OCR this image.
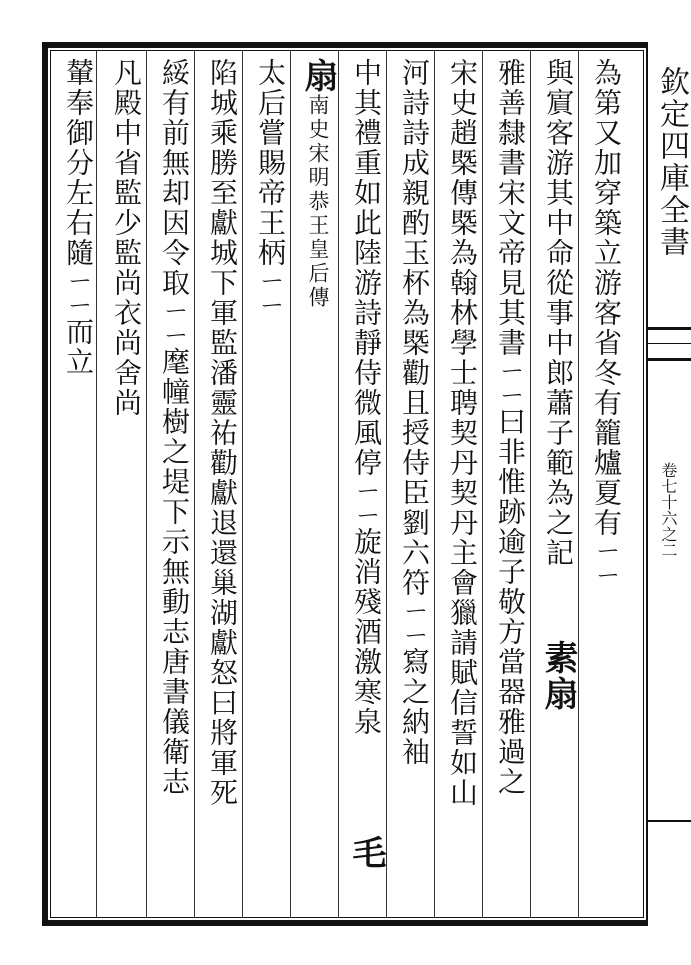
欽定四庫全書
卷七十六之二
為第又加穿築立游客省冬有籠爐夏有ㄧㄧ
與賔客游其中命從事中郎蕭子範為之記
素扇
雅善隸書宋文帝見其書ㄧㄧ曰非惟跡逾子敬方當器雅過之
宋史趙槩傳槩為翰林學士聘契丹契丹主會獵請賦信誓如山
河詩詩成親酌玉杯為槩勸且授侍臣劉六符ㄧㄧ寫之納袖
中其禮重如此陸游詩靜侍微風停ㄧㄧ旋消殘酒激寒泉
毛
扇南史宋明恭王皇后傳
太后嘗賜帝王柄ㄧㄧ
陷城乘勝至獻城下軍監潘靈祐勸獻退還巢湖獻怒曰將軍死
綏有前無却因令取ㄧㄧ麾幢樹之堤下示無動志唐書儀衛志
凡殿中省監少監尚衣尚舍尚
輦奉御分左右隨ㄧㄧ而立
